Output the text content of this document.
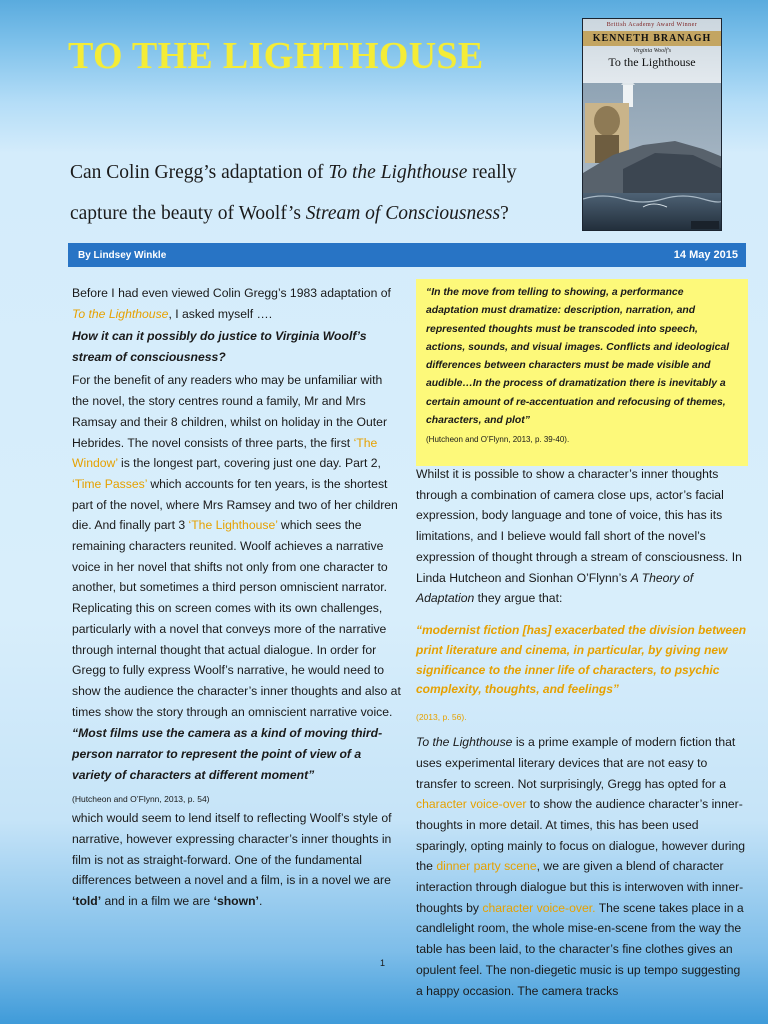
TO THE LIGHTHOUSE
British Academy Award Winner
KENNETH BRANAGH
Virginia Woolf's
To the Lighthouse
Can Colin Gregg’s adaptation of To the Lighthouse really
capture the beauty of Woolf’s Stream of Consciousness?
By Lindsey Winkle	14 May 2015

Before I had even viewed Colin Gregg’s 1983 adaptation of To the Lighthouse, I asked myself ….

How it can it possibly do justice to Virginia Woolf’s stream of consciousness?

For the benefit of any readers who may be unfamiliar with the novel, the story centres round a family, Mr and Mrs Ramsay and their 8 children, whilst on holiday in the Outer Hebrides. The novel consists of three parts, the first ‘The Window’ is the longest part, covering just one day. Part 2, ‘Time Passes’ which accounts for ten years, is the shortest part of the novel, where Mrs Ramsey and two of her children die. And finally part 3 ‘The Lighthouse’ which sees the remaining characters reunited. Woolf achieves a narrative voice in her novel that shifts not only from one character to another, but sometimes a third person omniscient narrator. Replicating this on screen comes with its own challenges, particularly with a novel that conveys more of the narrative through internal thought that actual dialogue. In order for Gregg to fully express Woolf’s narrative, he would need to show the audience the character’s inner thoughts and also at times show the story through an omniscient narrative voice.

“Most films use the camera as a kind of moving third-person narrator to represent the point of view of a variety of characters at different moment”

(Hutcheon and O’Flynn, 2013, p. 54)

which would seem to lend itself to reflecting Woolf’s style of narrative, however expressing character’s inner thoughts in film is not as straight-forward. One of the fundamental differences between a novel and a film, is in a novel we are ‘told’ and in a film we are ‘shown’.

“In the move from telling to showing, a performance adaptation must dramatize: description, narration, and represented thoughts must be transcoded into speech, actions, sounds, and visual images. Conflicts and ideological differences between characters must be made visible and audible…In the process of dramatization there is inevitably a certain amount of re-accentuation and refocusing of themes, characters, and plot”

(Hutcheon and O’Flynn, 2013, p. 39-40).

Whilst it is possible to show a character’s inner thoughts through a combination of camera close ups, actor’s facial expression, body language and tone of voice, this has its limitations, and I believe would fall short of the novel’s expression of thought through a stream of consciousness. In Linda Hutcheon and Sionhan O’Flynn’s A Theory of Adaptation they argue that:

“modernist fiction [has] exacerbated the division between print literature and cinema, in particular, by giving new significance to the inner life of characters, to psychic complexity, thoughts, and feelings”

(2013, p. 56).

To the Lighthouse is a prime example of modern fiction that uses experimental literary devices that are not easy to transfer to screen. Not surprisingly, Gregg has opted for a character voice-over to show the audience character’s inner-thoughts in more detail. At times, this has been used sparingly, opting mainly to focus on dialogue, however during the dinner party scene, we are given a blend of character interaction through dialogue but this is interwoven with inner-thoughts by character voice-over. The scene takes place in a candlelight room, the whole mise-en-scene from the way the table has been laid, to the character’s fine clothes gives an opulent feel. The non-diegetic music is up tempo suggesting a happy occasion. The camera tracks

1
